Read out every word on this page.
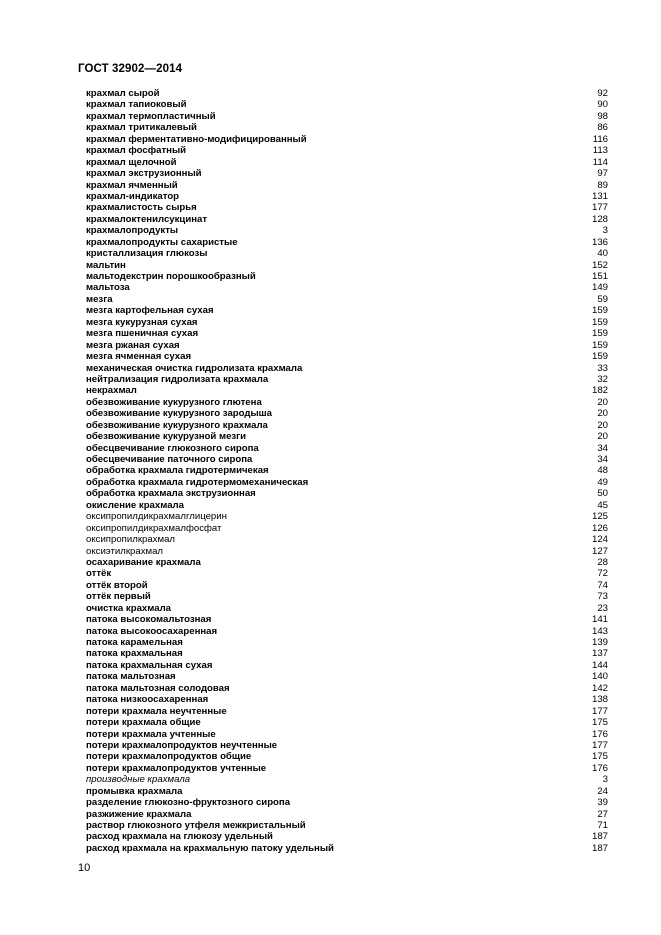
ГОСТ 32902—2014
крахмал сырой	92
крахмал тапиоковый	90
крахмал термопластичный	98
крахмал тритикалевый	86
крахмал ферментативно-модифицированный	116
крахмал фосфатный	113
крахмал щелочной	114
крахмал экструзионный	97
крахмал ячменный	89
крахмал-индикатор	131
крахмалистость сырья	177
крахмалоктенилсукцинат	128
крахмалопродукты	3
крахмалопродукты сахаристые	136
кристаллизация глюкозы	40
мальтин	152
мальтодекстрин порошкообразный	151
мальтоза	149
мезга	59
мезга картофельная сухая	159
мезга кукурузная сухая	159
мезга пшеничная сухая	159
мезга ржаная сухая	159
мезга ячменная сухая	159
механическая очистка гидролизата крахмала	33
нейтрализация гидролизата крахмала	32
некрахмал	182
обезвоживание кукурузного глютена	20
обезвоживание кукурузного зародыша	20
обезвоживание кукурузного крахмала	20
обезвоживание кукурузной мезги	20
обесцвечивание глюкозного сиропа	34
обесцвечивание паточного сиропа	34
обработка крахмала гидротермичекая	48
обработка крахмала гидротермомеханическая	49
обработка крахмала экструзионная	50
окисление крахмала	45
оксипропилдикрахмалглицерин	125
оксипропилдикрахмалфосфат	126
оксипропилкрахмал	124
оксиэтилкрахмал	127
осахаривание крахмала	28
оттёк	72
оттёк второй	74
оттёк первый	73
очистка крахмала	23
патока высокомальтозная	141
патока высокоосахаренная	143
патока карамельная	139
патока крахмальная	137
патока крахмальная сухая	144
патока мальтозная	140
патока мальтозная солодовая	142
патока низкоосахаренная	138
потери крахмала неучтенные	177
потери крахмала общие	175
потери крахмала учтенные	176
потери крахмалопродуктов неучтенные	177
потери крахмалопродуктов общие	175
потери крахмалопродуктов учтенные	176
производные крахмала	3
промывка крахмала	24
разделение глюкозно-фруктозного сиропа	39
разжижение крахмала	27
раствор глюкозного утфеля межкристальный	71
расход крахмала на глюкозу удельный	187
расход крахмала на крахмальную патоку удельный	187
10
